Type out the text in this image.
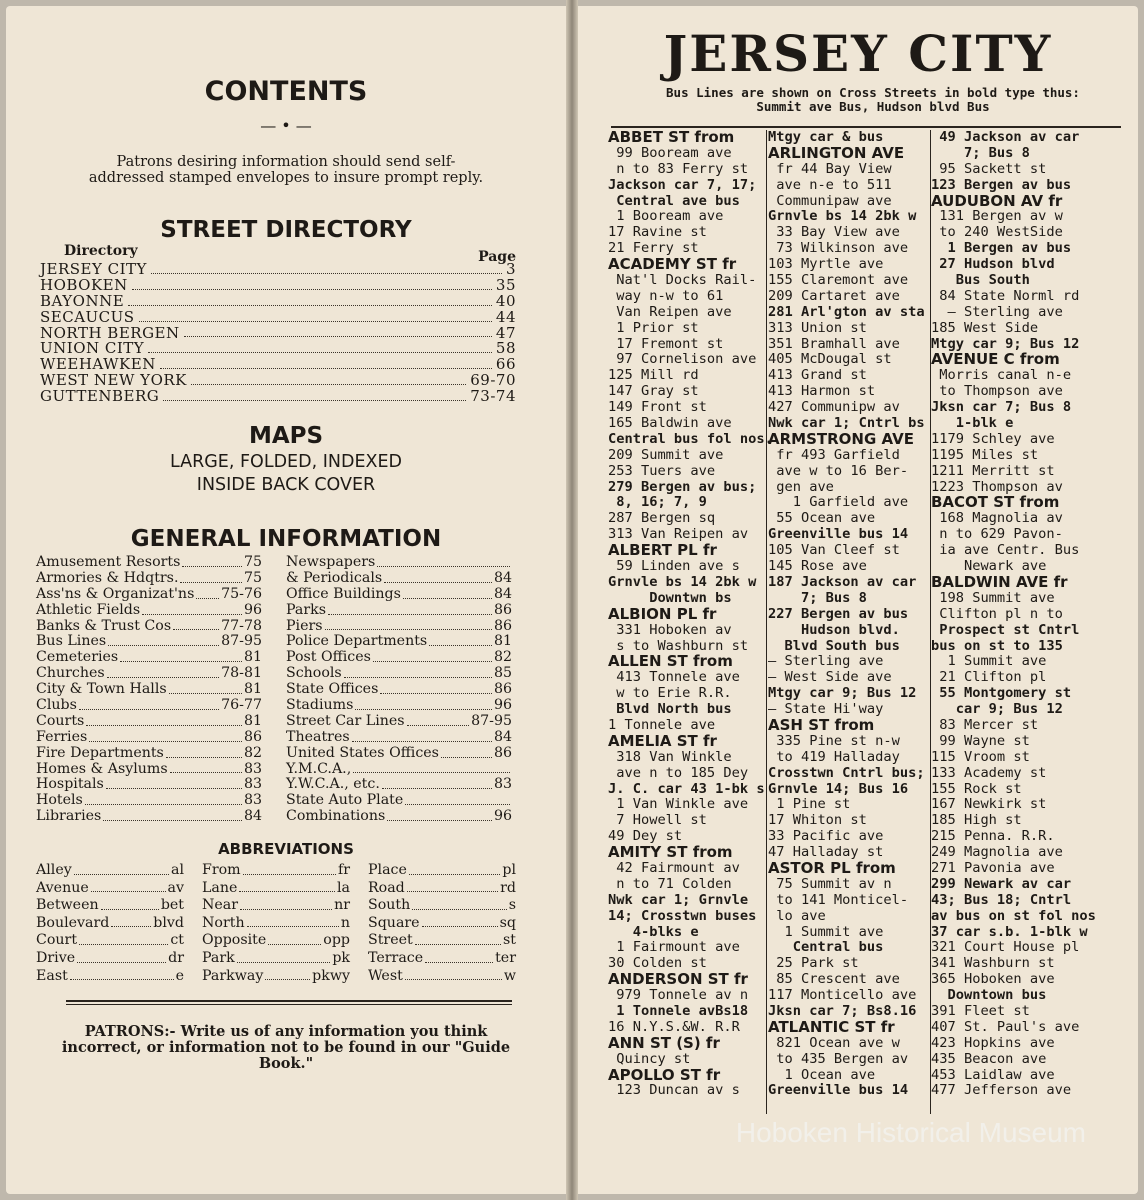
CONTENTS
— • —
Patrons desiring information should send self-addressed stamped envelopes to insure prompt reply.
STREET DIRECTORY
Directory	Page
JERSEY CITY	3
HOBOKEN	35
BAYONNE	40
SECAUCUS	44
NORTH BERGEN	47
UNION CITY	58
WEEHAWKEN	66
WEST NEW YORK	69-70
GUTTENBERG	73-74
MAPS
LARGE, FOLDED, INDEXED
INSIDE BACK COVER
GENERAL INFORMATION
Amusement Resorts	75
Armories & Hdqtrs.	75
Ass'ns & Organizat'ns 75-76
Athletic Fields	96
Banks & Trust Cos	77-78
Bus Lines	87-95
Cemeteries	81
Churches	78-81
City & Town Halls	81
Clubs	76-77
Courts	81
Ferries	86
Fire Departments	82
Homes & Asylums	83
Hospitals	83
Hotels	83
Libraries	84
Newspapers
& Periodicals	84
Office Buildings	84
Parks	86
Piers	86
Police Departments	81
Post Offices	82
Schools	85
State Offices	86
Stadiums	96
Street Car Lines	87-95
Theatres	84
United States Offices	86
Y.M.C.A.,
Y.W.C.A., etc.	83
State Auto Plate
Combinations	96
ABBREVIATIONS
Alley	al
Avenue	av
Between	bet
Boulevard	blvd
Court	ct
Drive	dr
East	e
From	fr
Lane	la
Near	nr
North	n
Opposite	opp
Park	pk
Parkway	pkwy
Place	pl
Road	rd
South	s
Square	sq
Street	st
Terrace	ter
West	w
PATRONS:- Write us of any information you think incorrect, or information not to be found in our "Guide Book."
JERSEY CITY
Bus Lines are shown on Cross Streets in bold type thus:
Summit ave Bus, Hudson blvd Bus
ABBET ST from
99 Booream ave
n to 83 Ferry st
Jackson car 7, 17;
Central ave bus
1 Booream ave
17 Ravine st
21 Ferry st
ACADEMY ST fr
Nat'l Docks Rail-
way n-w to 61
Van Reipen ave
1 Prior st
17 Fremont st
97 Cornelison ave
125 Mill rd
147 Gray st
149 Front st
165 Baldwin ave
Central bus fol nos.
209 Summit ave
253 Tuers ave
279 Bergen av bus;
8, 16; 7, 9
287 Bergen sq
313 Van Reipen av
ALBERT PL fr
59 Linden ave s
Grnvle bs 14 2bk w
Downtwn bs
ALBION PL fr
331 Hoboken av
s to Washburn st
ALLEN ST from
413 Tonnele ave
w to Erie R.R.
Blvd North bus
1 Tonnele ave
AMELIA ST fr
318 Van Winkle
ave n to 185 Dey
J. C. car 43 1-bk s
1 Van Winkle ave
7 Howell st
49 Dey st
AMITY ST from
42 Fairmount av
n to 71 Colden
Nwk car 1; Grnvle
14; Crosstwn buses
4-blks e
1 Fairmount ave
30 Colden st
ANDERSON ST fr
979 Tonnele av n
1 Tonnele avBs18
16 N.Y.S.&W. R.R
ANN ST (S) fr
Quincy st
APOLLO ST fr
123 Duncan av s
Mtgy car & bus
ARLINGTON AVE
fr 44 Bay View
ave n-e to 511
Communipaw ave
Grnvle bs 14 2bk w
33 Bay View ave
73 Wilkinson ave
103 Myrtle ave
155 Claremont ave
209 Cartaret ave
281 Arl'gton av sta
313 Union st
351 Bramhall ave
405 McDougal st
413 Grand st
413 Harmon st
427 Communipw av
Nwk car 1; Cntrl bs
ARMSTRONG AVE
fr 493 Garfield
ave w to 16 Ber-
gen ave
1 Garfield ave
55 Ocean ave
Greenville bus 14
105 Van Cleef st
145 Rose ave
187 Jackson av car
7; Bus 8
227 Bergen av bus
Hudson blvd.
Blvd South bus
— Sterling ave
— West Side ave
Mtgy car 9; Bus 12
— State Hi'way
ASH ST from
335 Pine st n-w
to 419 Halladay
Crosstwn Cntrl bus;
Grnvle 14; Bus 16
1 Pine st
17 Whiton st
33 Pacific ave
47 Halladay st
ASTOR PL from
75 Summit av n
to 141 Monticel-
lo ave
1 Summit ave
Central bus
25 Park st
85 Crescent ave
117 Monticello ave
Jksn car 7; Bs8.16
ATLANTIC ST fr
821 Ocean ave w
to 435 Bergen av
1 Ocean ave
Greenville bus 14
49 Jackson av car
7; Bus 8
95 Sackett st
123 Bergen av bus
AUDUBON AV fr
131 Bergen av w
to 240 WestSide
1 Bergen av bus
27 Hudson blvd
Bus South
84 State Norml rd
— Sterling ave
185 West Side
Mtgy car 9; Bus 12
AVENUE C from
Morris canal n-e
to Thompson ave
Jksn car 7; Bus 8
1-blk e
1179 Schley ave
1195 Miles st
1211 Merritt st
1223 Thompson av
BACOT ST from
168 Magnolia av
n to 629 Pavon-
ia ave Centr. Bus
Newark ave
BALDWIN AVE fr
198 Summit ave
Clifton pl n to
Prospect st Cntrl
bus on st to 135
1 Summit ave
21 Clifton pl
55 Montgomery st
car 9; Bus 12
83 Mercer st
99 Wayne st
115 Vroom st
133 Academy st
155 Rock st
167 Newkirk st
185 High st
215 Penna. R.R.
249 Magnolia ave
271 Pavonia ave
299 Newark av car
43; Bus 18; Cntrl
av bus on st fol nos
37 car s.b. 1-blk w
321 Court House pl
341 Washburn st
365 Hoboken ave
Downtown bus
391 Fleet st
407 St. Paul's ave
423 Hopkins ave
435 Beacon ave
453 Laidlaw ave
477 Jefferson ave
Hoboken Historical Museum
